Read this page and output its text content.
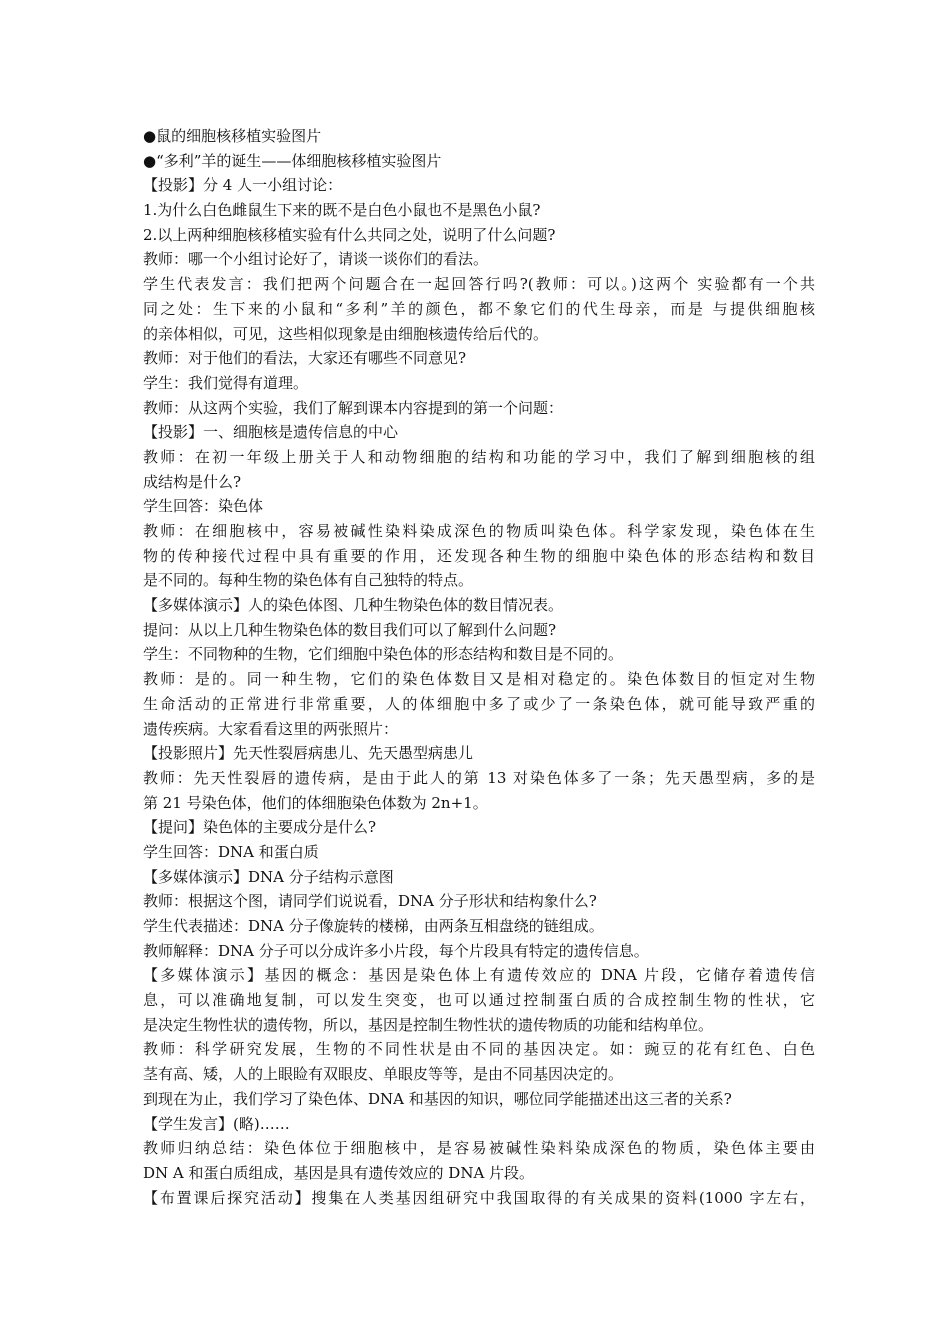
●鼠的细胞核移植实验图片
●“多利”羊的诞生——体细胞核移植实验图片
【投影】分 4 人一小组讨论：
1.为什么白色雌鼠生下来的既不是白色小鼠也不是黑色小鼠?
2.以上两种细胞核移植实验有什么共同之处，说明了什么问题?
教师：哪一个小组讨论好了，请谈一谈你们的看法。
学生代表发言：我们把两个问题合在一起回答行吗?(教师：可以。)这两个 实验都有一个共
同之处：生下来的小鼠和“多利”羊的颜色，都不象它们的代生母亲，而是 与提供细胞核
的亲体相似，可见，这些相似现象是由细胞核遗传给后代的。
教师：对于他们的看法，大家还有哪些不同意见?
学生：我们觉得有道理。
教师：从这两个实验，我们了解到课本内容提到的第一个问题：
【投影】一、细胞核是遗传信息的中心
教师：在初一年级上册关于人和动物细胞的结构和功能的学习中，我们了解到细胞核的组
成结构是什么?
学生回答：染色体
教师：在细胞核中，容易被碱性染料染成深色的物质叫染色体。科学家发现，染色体在生
物的传种接代过程中具有重要的作用，还发现各种生物的细胞中染色体的形态结构和数目
是不同的。每种生物的染色体有自己独特的特点。
【多媒体演示】人的染色体图、几种生物染色体的数目情况表。
提问：从以上几种生物染色体的数目我们可以了解到什么问题?
学生：不同物种的生物，它们细胞中染色体的形态结构和数目是不同的。
教师：是的。同一种生物，它们的染色体数目又是相对稳定的。染色体数目的恒定对生物
生命活动的正常进行非常重要，人的体细胞中多了或少了一条染色体，就可能导致严重的
遗传疾病。大家看看这里的两张照片：
【投影照片】先天性裂唇病患儿、先天愚型病患儿
教师：先天性裂唇的遗传病，是由于此人的第 13 对染色体多了一条；先天愚型病，多的是
第 21 号染色体，他们的体细胞染色体数为 2n+1。
【提问】染色体的主要成分是什么?
学生回答：DNA 和蛋白质
【多媒体演示】DNA 分子结构示意图
教师：根据这个图，请同学们说说看，DNA 分子形状和结构象什么?
学生代表描述：DNA 分子像旋转的楼梯，由两条互相盘绕的链组成。
教师解释：DNA 分子可以分成许多小片段，每个片段具有特定的遗传信息。
【多媒体演示】基因的概念：基因是染色体上有遗传效应的 DNA 片段，它储存着遗传信
息，可以准确地复制，可以发生突变，也可以通过控制蛋白质的合成控制生物的性状，它
是决定生物性状的遗传物，所以，基因是控制生物性状的遗传物质的功能和结构单位。
教师：科学研究发展，生物的不同性状是由不同的基因决定。如：豌豆的花有红色、白色
茎有高、矮，人的上眼睑有双眼皮、单眼皮等等，是由不同基因决定的。
到现在为止，我们学习了染色体、DNA 和基因的知识，哪位同学能描述出这三者的关系?
【学生发言】(略)……
教师归纳总结：染色体位于细胞核中，是容易被碱性染料染成深色的物质，染色体主要由
DN A 和蛋白质组成，基因是具有遗传效应的 DNA 片段。
【布置课后探究活动】搜集在人类基因组研究中我国取得的有关成果的资料(1000 字左右，
